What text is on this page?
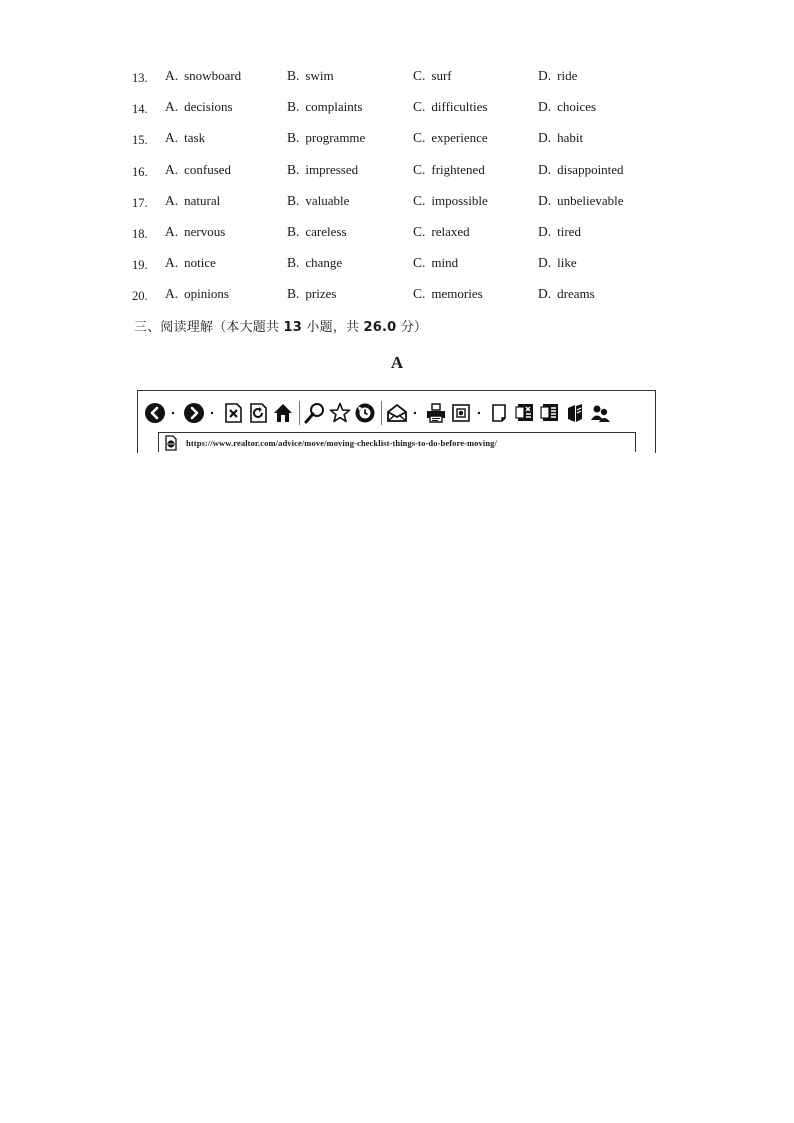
13. A. snowboard	B. swim	C. surf	D. ride
14. A. decisions	B. complaints	C. difficulties	D. choices
15. A. task	B. programme	C. experience	D. habit
16. A. confused	B. impressed	C. frightened	D. disappointed
17. A. natural	B. valuable	C. impossible	D. unbelievable
18. A. nervous	B. careless	C. relaxed	D. tired
19. A. notice	B. change	C. mind	D. like
20. A. opinions	B. prizes	C. memories	D. dreams
三、阅读理解（本大题共 13 小题，共 26.0 分）
A
https://www.realtor.com/advice/move/moving-checklist-things-to-do-before-moving/
